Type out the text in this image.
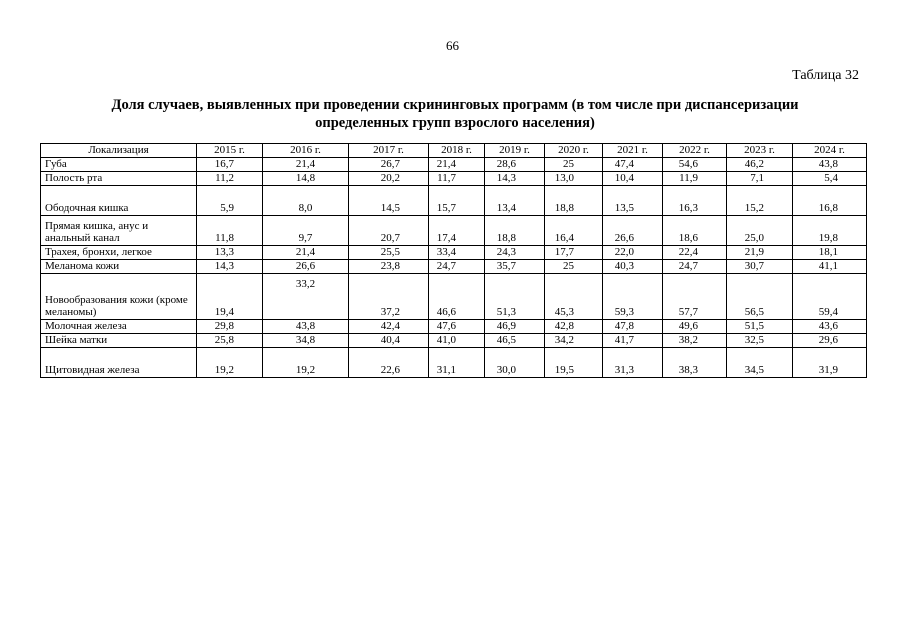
66
Таблица 32
Доля случаев, выявленных при проведении скрининговых программ (в том числе при диспансеризации
определенных групп взрослого населения)
Локализация	2015 г.	2016 г.	2017 г.	2018 г.	2019 г.	2020 г.	2021 г.	2022 г.	2023 г.	2024 г.
Губа	16,7	21,4	26,7	21,4	28,6	25	47,4	54,6	46,2	43,8
Полость рта	11,2	14,8	20,2	11,7	14,3	13,0	10,4	11,9	7,1	5,4
Ободочная кишка	5,9	8,0	14,5	15,7	13,4	18,8	13,5	16,3	15,2	16,8
Прямая кишка, анус и анальный канал	11,8	9,7	20,7	17,4	18,8	16,4	26,6	18,6	25,0	19,8
Трахея, бронхи, легкое	13,3	21,4	25,5	33,4	24,3	17,7	22,0	22,4	21,9	18,1
Меланома кожи	14,3	26,6	23,8	24,7	35,7	25	40,3	24,7	30,7	41,1
Новообразования кожи (кроме меланомы)	19,4	33,2	37,2	46,6	51,3	45,3	59,3	57,7	56,5	59,4
Молочная железа	29,8	43,8	42,4	47,6	46,9	42,8	47,8	49,6	51,5	43,6
Шейка матки	25,8	34,8	40,4	41,0	46,5	34,2	41,7	38,2	32,5	29,6
Щитовидная железа	19,2	19,2	22,6	31,1	30,0	19,5	31,3	38,3	34,5	31,9
